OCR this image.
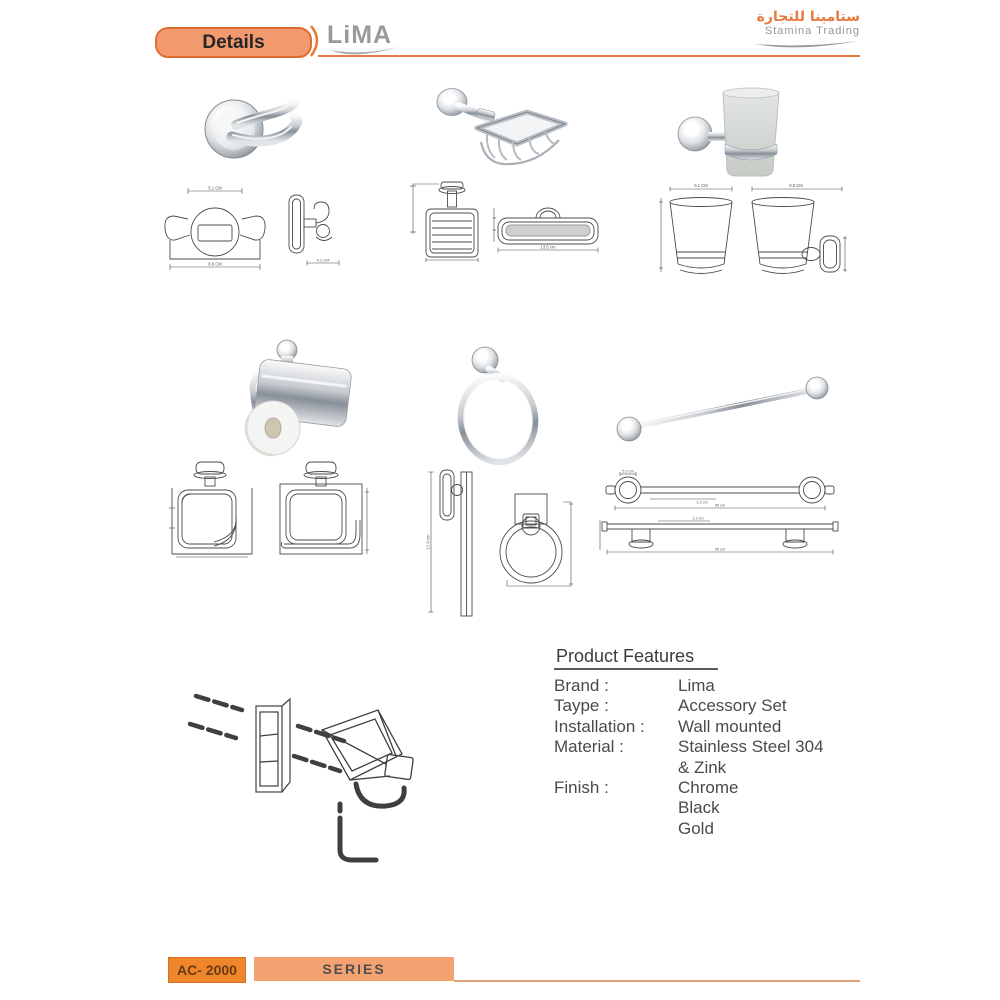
Details LiMA
ستامينا للتجارة
Stamina Trading
5.1 CM
8.9 CM
4.1 CM
13.5 cm
9.1 CM	9.8 CM
17.9 cm
5.5 cm
1.2 cm
59 cm
1.2 cm
59 cm
Product Features
Brand :	Lima
Taype :	Accessory Set
Installation :	Wall mounted
Material :	Stainless Steel 304
& Zink
Finish :	Chrome
Black
Gold
AC- 2000	SERIES
